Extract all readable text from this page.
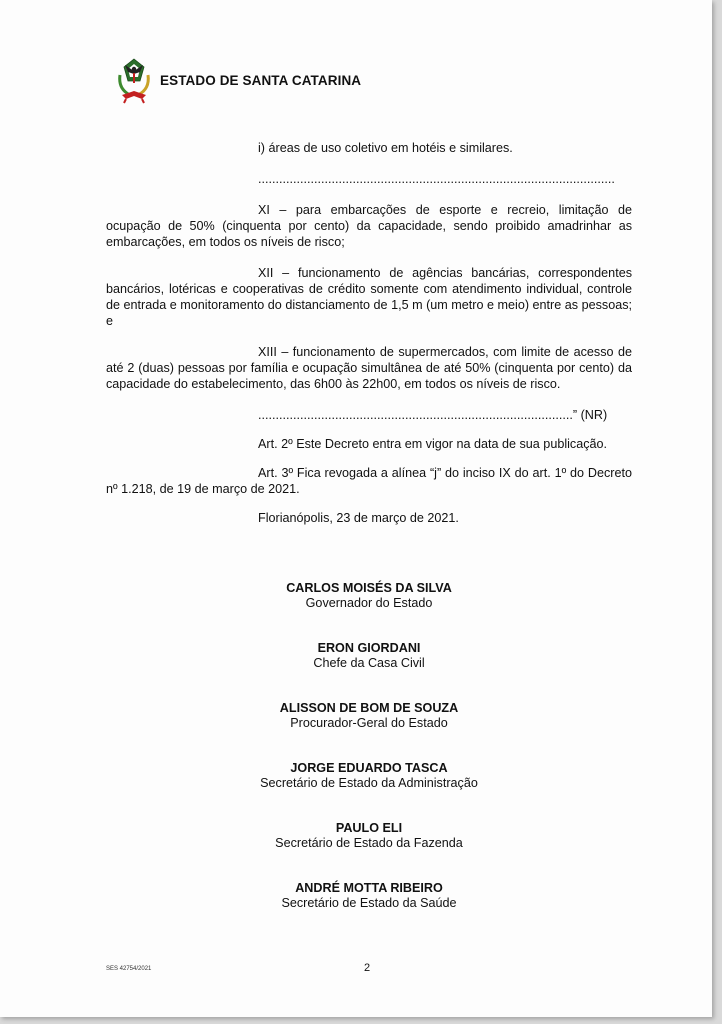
ESTADO DE SANTA CATARINA

i) áreas de uso coletivo em hotéis e similares.

......................................................................................................

XI – para embarcações de esporte e recreio, limitação de ocupação de 50% (cinquenta por cento) da capacidade, sendo proibido amadrinhar as embarcações, em todos os níveis de risco;

XII – funcionamento de agências bancárias, correspondentes bancários, lotéricas e cooperativas de crédito somente com atendimento individual, controle de entrada e monitoramento do distanciamento de 1,5 m (um metro e meio) entre as pessoas; e

XIII – funcionamento de supermercados, com limite de acesso de até 2 (duas) pessoas por família e ocupação simultânea de até 50% (cinquenta por cento) da capacidade do estabelecimento, das 6h00 às 22h00, em todos os níveis de risco.

..........................................................................................” (NR)

Art. 2º Este Decreto entra em vigor na data de sua publicação.

Art. 3º Fica revogada a alínea “j” do inciso IX do art. 1º do Decreto nº 1.218, de 19 de março de 2021.

Florianópolis, 23 de março de 2021.

CARLOS MOISÉS DA SILVA
Governador do Estado
ERON GIORDANI
Chefe da Casa Civil
ALISSON DE BOM DE SOUZA
Procurador-Geral do Estado
JORGE EDUARDO TASCA
Secretário de Estado da Administração
PAULO ELI
Secretário de Estado da Fazenda
ANDRÉ MOTTA RIBEIRO
Secretário de Estado da Saúde
SES 42754/2021	2
